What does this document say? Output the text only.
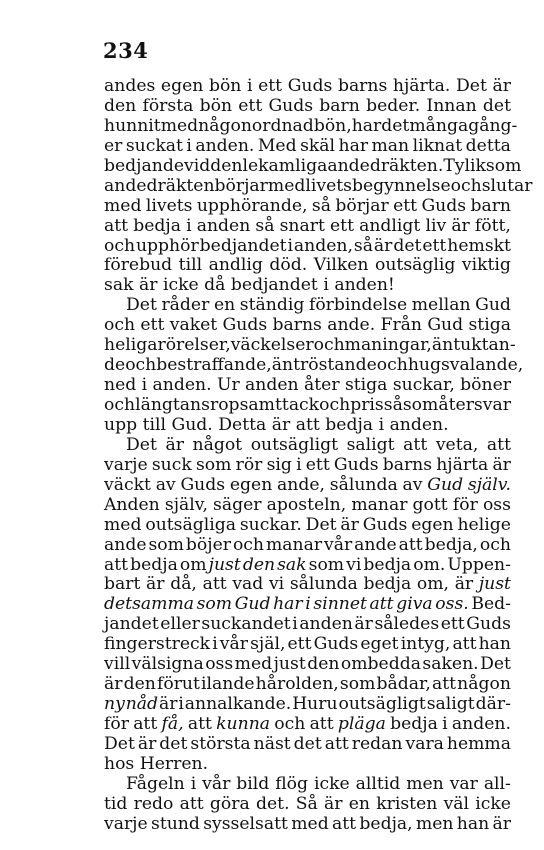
234
andes egen bön i ett Guds barns hjärta. Det är
den första bön ett Guds barn beder. Innan det
hunnit med någon ordnad bön, har det många gång-
er suckat i anden. Med skäl har man liknat detta
bedjande vid den lekamliga andedräkten. Ty liksom
andedräkten börjar med livets begynnelse och slutar
med livets upphörande, så börjar ett Guds barn
att bedja i anden så snart ett andligt liv är fött,
och upphör bedjandet i anden, så är det ett hemskt
förebud till andlig död. Vilken outsäglig viktig
sak är icke då bedjandet i anden!
Det råder en ständig förbindelse mellan Gud
och ett vaket Guds barns ande. Från Gud stiga
heliga rörelser, väckelser och maningar, än tuktan-
de och bestraffande, än tröstande och hugsvalande,
ned i anden. Ur anden åter stiga suckar, böner
och längtans rop samt tack och pris såsom återsvar
upp till Gud. Detta är att bedja i anden.
Det är något outsägligt saligt att veta, att
varje suck som rör sig i ett Guds barns hjärta är
väckt av Guds egen ande, sålunda av Gud själv.
Anden själv, säger aposteln, manar gott för oss
med outsägliga suckar. Det är Guds egen helige
ande som böjer och manar vår ande att bedja, och
att bedja om just den sak som vi bedja om. Uppen-
bart är då, att vad vi sålunda bedja om, är just
detsamma som Gud har i sinnet att giva oss. Bed-
jandet eller suckandet i anden är således ett Guds
fingerstreck i vår själ, ett Guds eget intyg, att han
vill välsigna oss med just den ombedda saken. Det
är den förut ilande hårolden, som bådar, att någon
ny nåd är i annalkande. Huru outsägligt saligt där-
för att få, att kunna och att pläga bedja i anden.
Det är det största näst det att redan vara hemma
hos Herren.
Fågeln i vår bild flög icke alltid men var all-
tid redo att göra det. Så är en kristen väl icke
varje stund sysselsatt med att bedja, men han är
